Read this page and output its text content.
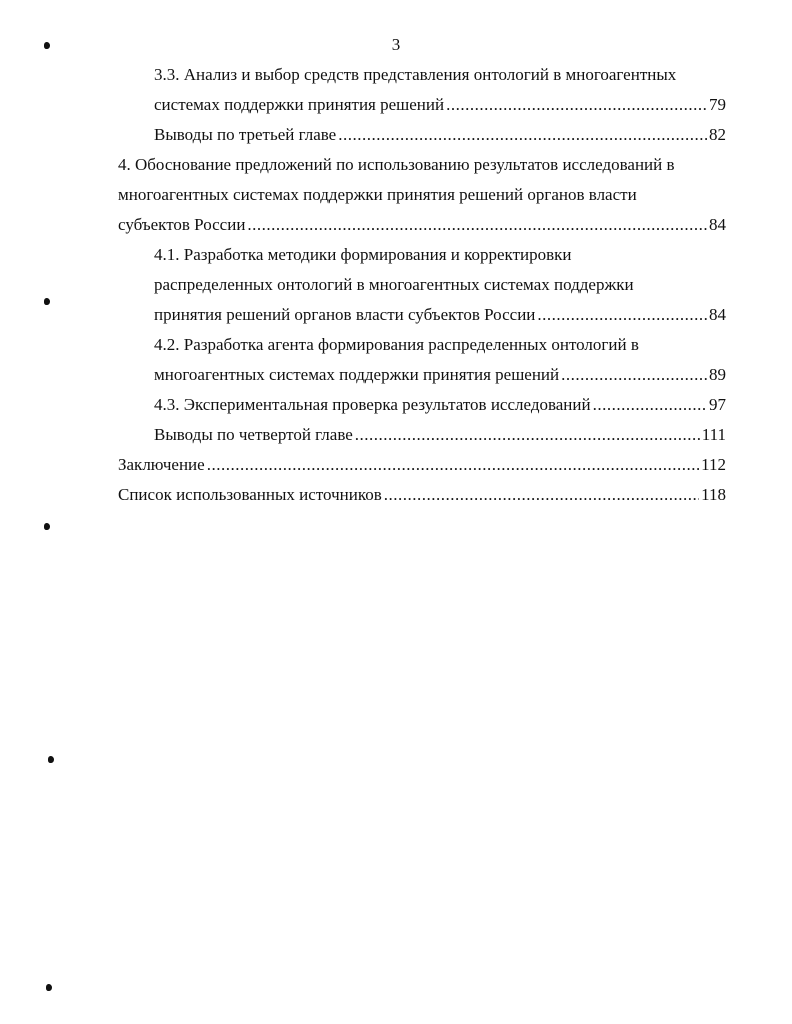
3
3.3. Анализ и выбор средств представления онтологий в многоагентных
системах поддержки принятия решений .....	79
Выводы по третьей главе .....	82
4. Обоснование предложений по использованию результатов исследований в
многоагентных системах поддержки принятия решений органов власти
субъектов России .....	84
4.1. Разработка методики формирования и корректировки
распределенных онтологий в многоагентных системах поддержки
принятия решений органов власти субъектов России .....	84
4.2. Разработка агента формирования распределенных онтологий в
многоагентных системах поддержки принятия решений .....	89
4.3. Экспериментальная проверка результатов исследований .....	97
Выводы по четвертой главе .....	111
Заключение .....	112
Список использованных источников .....	118
